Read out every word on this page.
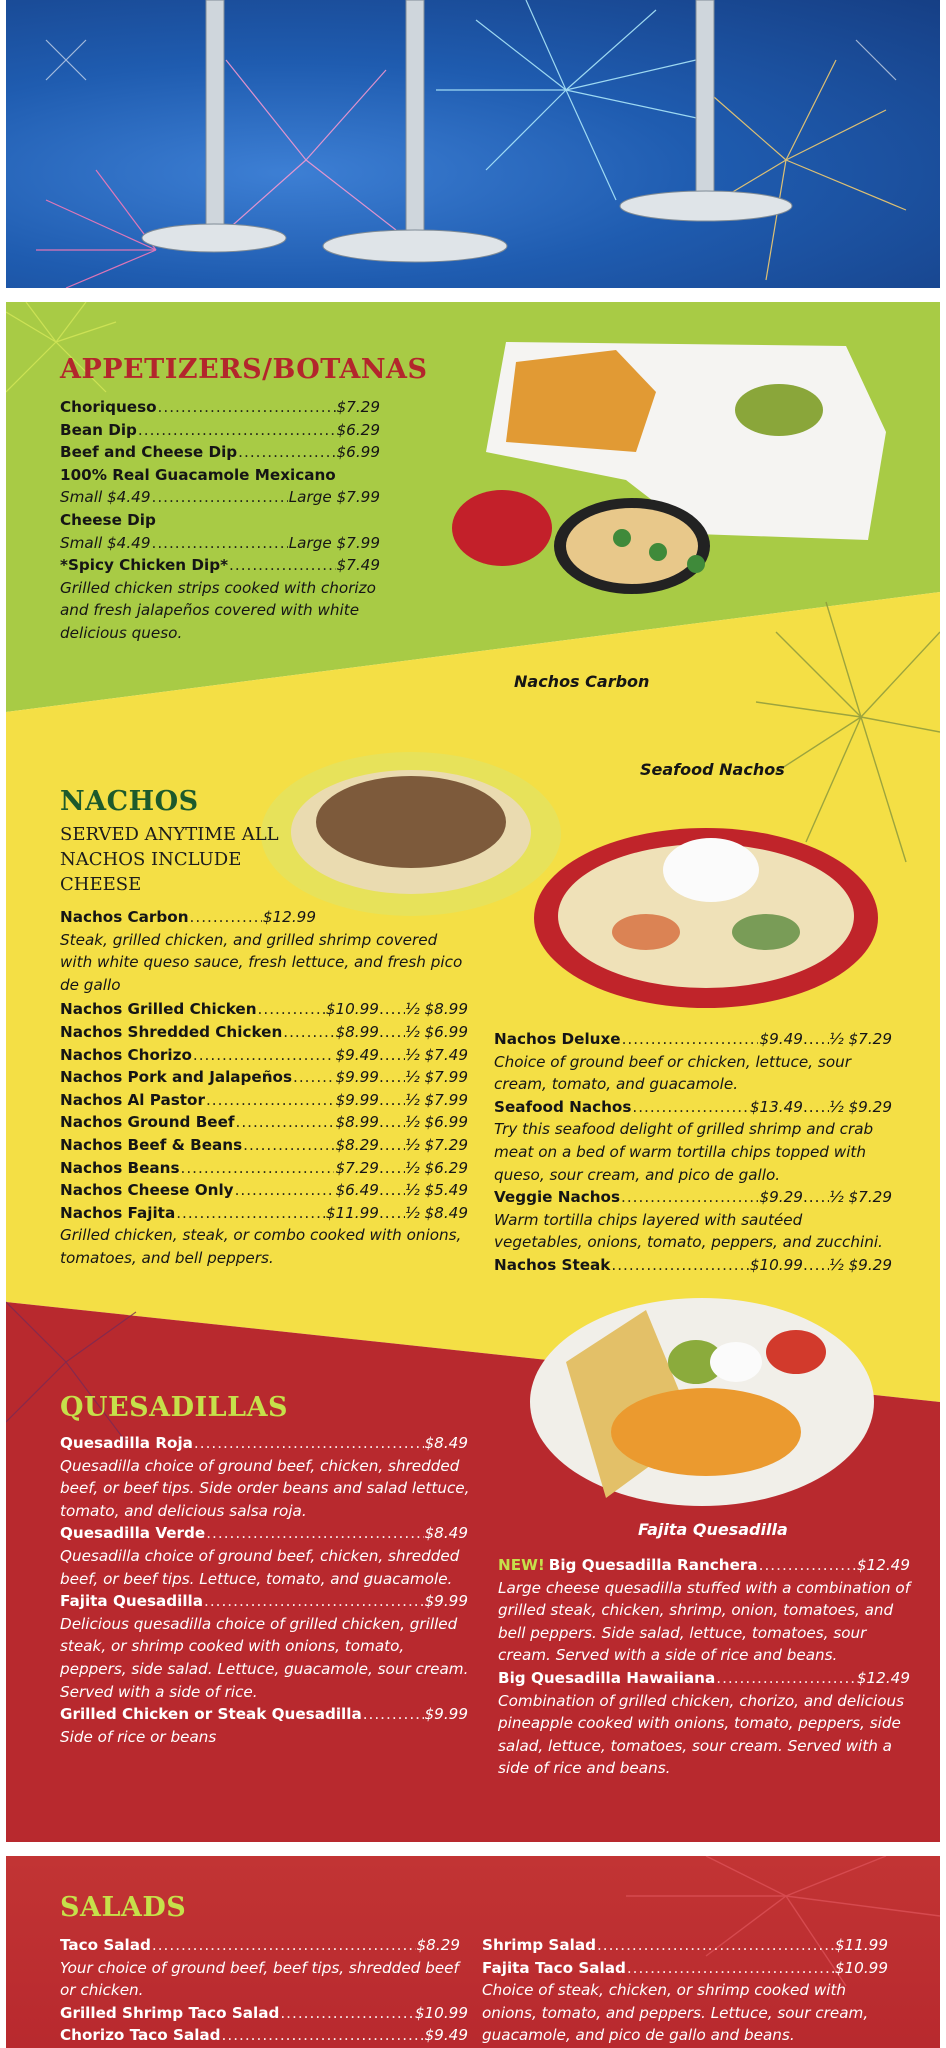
APPETIZERS/BOTANAS
Choriqueso .....	$7.29
Bean Dip .....	$6.29
Beef and Cheese Dip .....	$6.99
100% Real Guacamole Mexicano
Small $4.49 .....	Large $7.99
Cheese Dip
Small $4.49 .....	Large $7.99
*Spicy Chicken Dip* .....	$7.49
Grilled chicken strips cooked with chorizo and fresh jalapeños covered with white delicious queso.
Nachos Carbon
Seafood Nachos
NACHOS
SERVED ANYTIME ALL NACHOS INCLUDE CHEESE
Nachos Carbon .....	$12.99
Steak, grilled chicken, and grilled shrimp covered with white queso sauce, fresh lettuce, and fresh pico de gallo
Nachos Grilled Chicken .....	$10.99 ..... ½ $8.99
Nachos Shredded Chicken .....	$8.99 ..... ½ $6.99
Nachos Chorizo .....	$9.49 ..... ½ $7.49
Nachos Pork and Jalapeños .....	$9.99 ..... ½ $7.99
Nachos Al Pastor .....	$9.99 ..... ½ $7.99
Nachos Ground Beef .....	$8.99 ..... ½ $6.99
Nachos Beef & Beans .....	$8.29 ..... ½ $7.29
Nachos Beans .....	$7.29 ..... ½ $6.29
Nachos Cheese Only .....	$6.49 ..... ½ $5.49
Nachos Fajita .....	$11.99 ..... ½ $8.49
Grilled chicken, steak, or combo cooked with onions, tomatoes, and bell peppers.
Nachos Deluxe .....	$9.49 ..... ½ $7.29
Choice of ground beef or chicken, lettuce, sour cream, tomato, and guacamole.
Seafood Nachos .....	$13.49 ..... ½ $9.29
Try this seafood delight of grilled shrimp and crab meat on a bed of warm tortilla chips topped with queso, sour cream, and pico de gallo.
Veggie Nachos .....	$9.29 ..... ½ $7.29
Warm tortilla chips layered with sautéed vegetables, onions, tomato, peppers, and zucchini.
Nachos Steak .....	$10.99 ..... ½ $9.29
Fajita Quesadilla
QUESADILLAS
Quesadilla Roja .....	$8.49
Quesadilla choice of ground beef, chicken, shredded beef, or beef tips. Side order beans and salad lettuce, tomato, and delicious salsa roja.
Quesadilla Verde .....	$8.49
Quesadilla choice of ground beef, chicken, shredded beef, or beef tips. Lettuce, tomato, and guacamole.
Fajita Quesadilla .....	$9.99
Delicious quesadilla choice of grilled chicken, grilled steak, or shrimp cooked with onions, tomato, peppers, side salad. Lettuce, guacamole, sour cream. Served with a side of rice.
Grilled Chicken or Steak Quesadilla .....	$9.99
Side of rice or beans
NEW! Big Quesadilla Ranchera .....	$12.49
Large cheese quesadilla stuffed with a combination of grilled steak, chicken, shrimp, onion, tomatoes, and bell peppers. Side salad, lettuce, tomatoes, sour cream. Served with a side of rice and beans.
Big Quesadilla Hawaiiana .....	$12.49
Combination of grilled chicken, chorizo, and delicious pineapple cooked with onions, tomato, peppers, side salad, lettuce, tomatoes, sour cream. Served with a side of rice and beans.
SALADS
Taco Salad .....	$8.29
Your choice of ground beef, beef tips, shredded beef or chicken.
Grilled Shrimp Taco Salad .....	$10.99
Chorizo Taco Salad .....	$9.49
Shrimp Salad .....	$11.99
Fajita Taco Salad .....	$10.99
Choice of steak, chicken, or shrimp cooked with onions, tomato, and peppers. Lettuce, sour cream, guacamole, and pico de gallo and beans.
